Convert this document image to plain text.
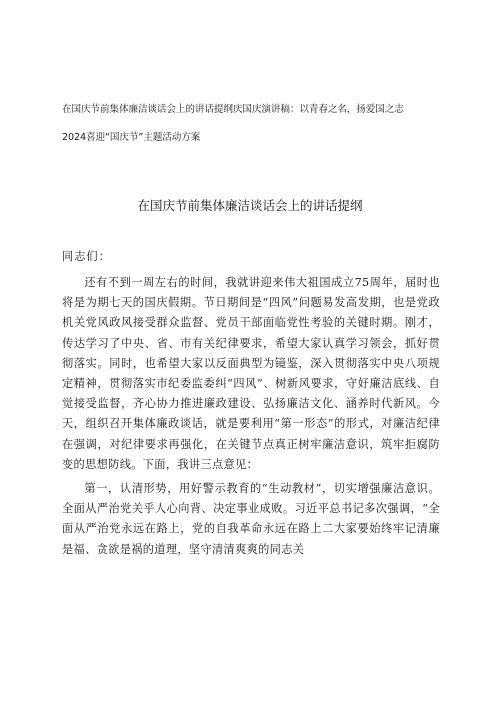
在国庆节前集体廉洁谈话会上的讲话提纲庆国庆演讲稿：以青春之名，扬爱国之志
2024喜迎“国庆节”主题活动方案
在国庆节前集体廉洁谈话会上的讲话提纲
同志们：

还有不到一周左右的时间，我就讲迎来伟大祖国成立75周年，届时也将是为期七天的国庆假期。节日期间是“四风”问题易发高发期，也是党政机关党风政风接受群众监督、党员干部面临党性考验的关键时期。刚才，传达学习了中央、省、市有关纪律要求，希望大家认真学习领会，抓好贯彻落实。同时，也希望大家以反面典型为镜鉴，深入贯彻落实中央八项规定精神，贯彻落实市纪委监委纠“四风”、树新风要求，守好廉洁底线、自觉接受监督，齐心协力推进廉政建设、弘扬廉洁文化、涵养时代新风。今天，组织召开集体廉政谈话，就是要利用“第一形态”的形式，对廉洁纪律在强调，对纪律要求再强化，在关键节点真正树牢廉洁意识，筑牢拒腐防变的思想防线。下面，我讲三点意见：

第一，认清形势，用好警示教育的“生动教材”，切实增强廉洁意识。全面从严治党关乎人心向背、决定事业成败。习近平总书记多次强调，“全面从严治党永远在路上，党的自我革命永远在路上二大家要始终牢记清廉是福、贪欲是祸的道理，坚守清清爽爽的同志关
